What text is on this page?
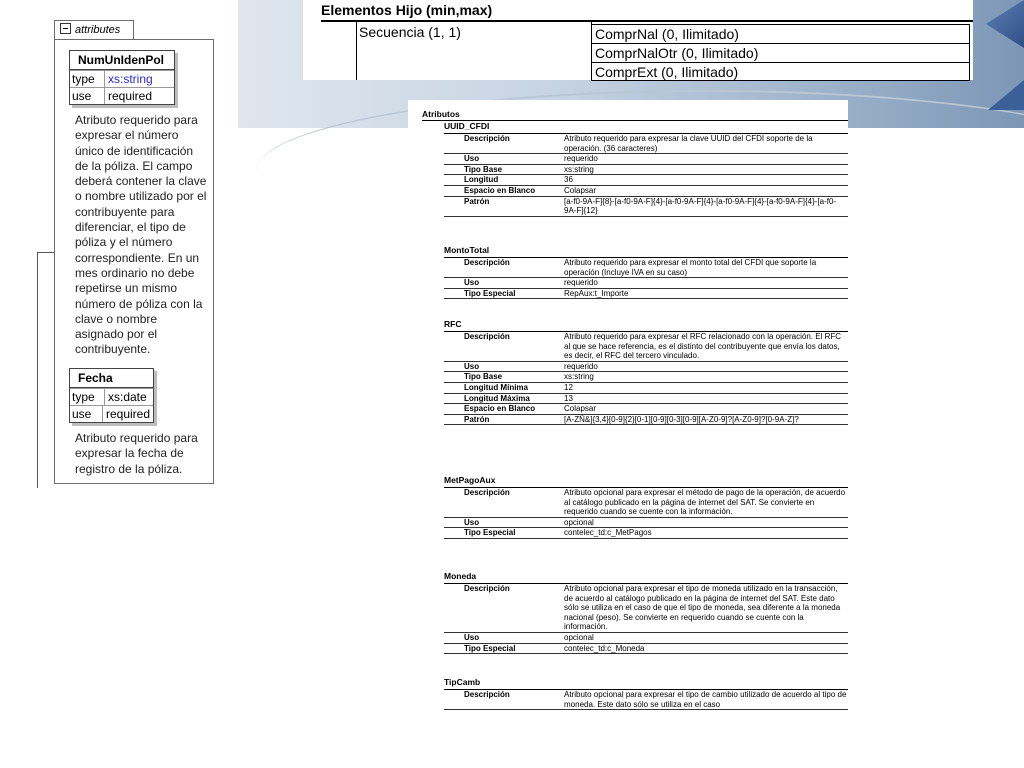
attributes
NumUnIdenPol
type	xs:string
use	required
Atributo requerido para expresar el número único de identificación de la póliza. El campo deberá contener la clave o nombre utilizado por el contribuyente para diferenciar, el tipo de póliza y el número correspondiente. En un mes ordinario no debe repetirse un mismo número de póliza con la clave o nombre asignado por el contribuyente.
Fecha
type	xs:date
use	required
Atributo requerido para expresar la fecha de registro de la póliza.
Elementos Hijo (min,max)
Secuencia (1, 1)	ComprNal (0, Ilimitado)
ComprNalOtr (0, Ilimitado)
ComprExt (0, Ilimitado)
Atributos
UUID_CFDI
Descripción	Atributo requerido para expresar la clave UUID del CFDI soporte de la operación. (36 caracteres)
Uso	requerido
Tipo Base	xs:string
Longitud	36
Espacio en Blanco	Colapsar
Patrón	[a-f0-9A-F]{8}-[a-f0-9A-F]{4}-[a-f0-9A-F]{4}-[a-f0-9A-F]{4}-[a-f0-9A-F]{4}-[a-f0-9A-F]{12}
MontoTotal
Descripción	Atributo requerido para expresar el monto total del CFDI que soporte la operación (Incluye IVA en su caso)
Uso	requerido
Tipo Especial	RepAux:t_Importe
RFC
Descripción	Atributo requerido para expresar el RFC relacionado con la operación. El RFC al que se hace referencia, es el distinto del contribuyente que envía los datos, es decir, el RFC del tercero vinculado.
Uso	requerido
Tipo Base	xs:string
Longitud Mínima	12
Longitud Máxima	13
Espacio en Blanco	Colapsar
Patrón	[A-ZÑ&]{3,4}[0-9]{2}[0-1][0-9][0-3][0-9][A-Z0-9]?[A-Z0-9]?[0-9A-Z]?
MetPagoAux
Descripción	Atributo opcional para expresar el método de pago de la operación, de acuerdo al catálogo publicado en la página de internet del SAT. Se convierte en requerido cuando se cuente con la información.
Uso	opcional
Tipo Especial	contelec_td:c_MetPagos
Moneda
Descripción	Atributo opcional para expresar el tipo de moneda utilizado en la transacción, de acuerdo al catálogo publicado en la página de internet del SAT. Este dato sólo se utiliza en el caso de que el tipo de moneda, sea diferente a la moneda nacional (peso). Se convierte en requerido cuando se cuente con la información.
Uso	opcional
Tipo Especial	contelec_td:c_Moneda
TipCamb
Descripción	Atributo opcional para expresar el tipo de cambio utilizado de acuerdo al tipo de moneda. Este dato sólo se utiliza en el caso
